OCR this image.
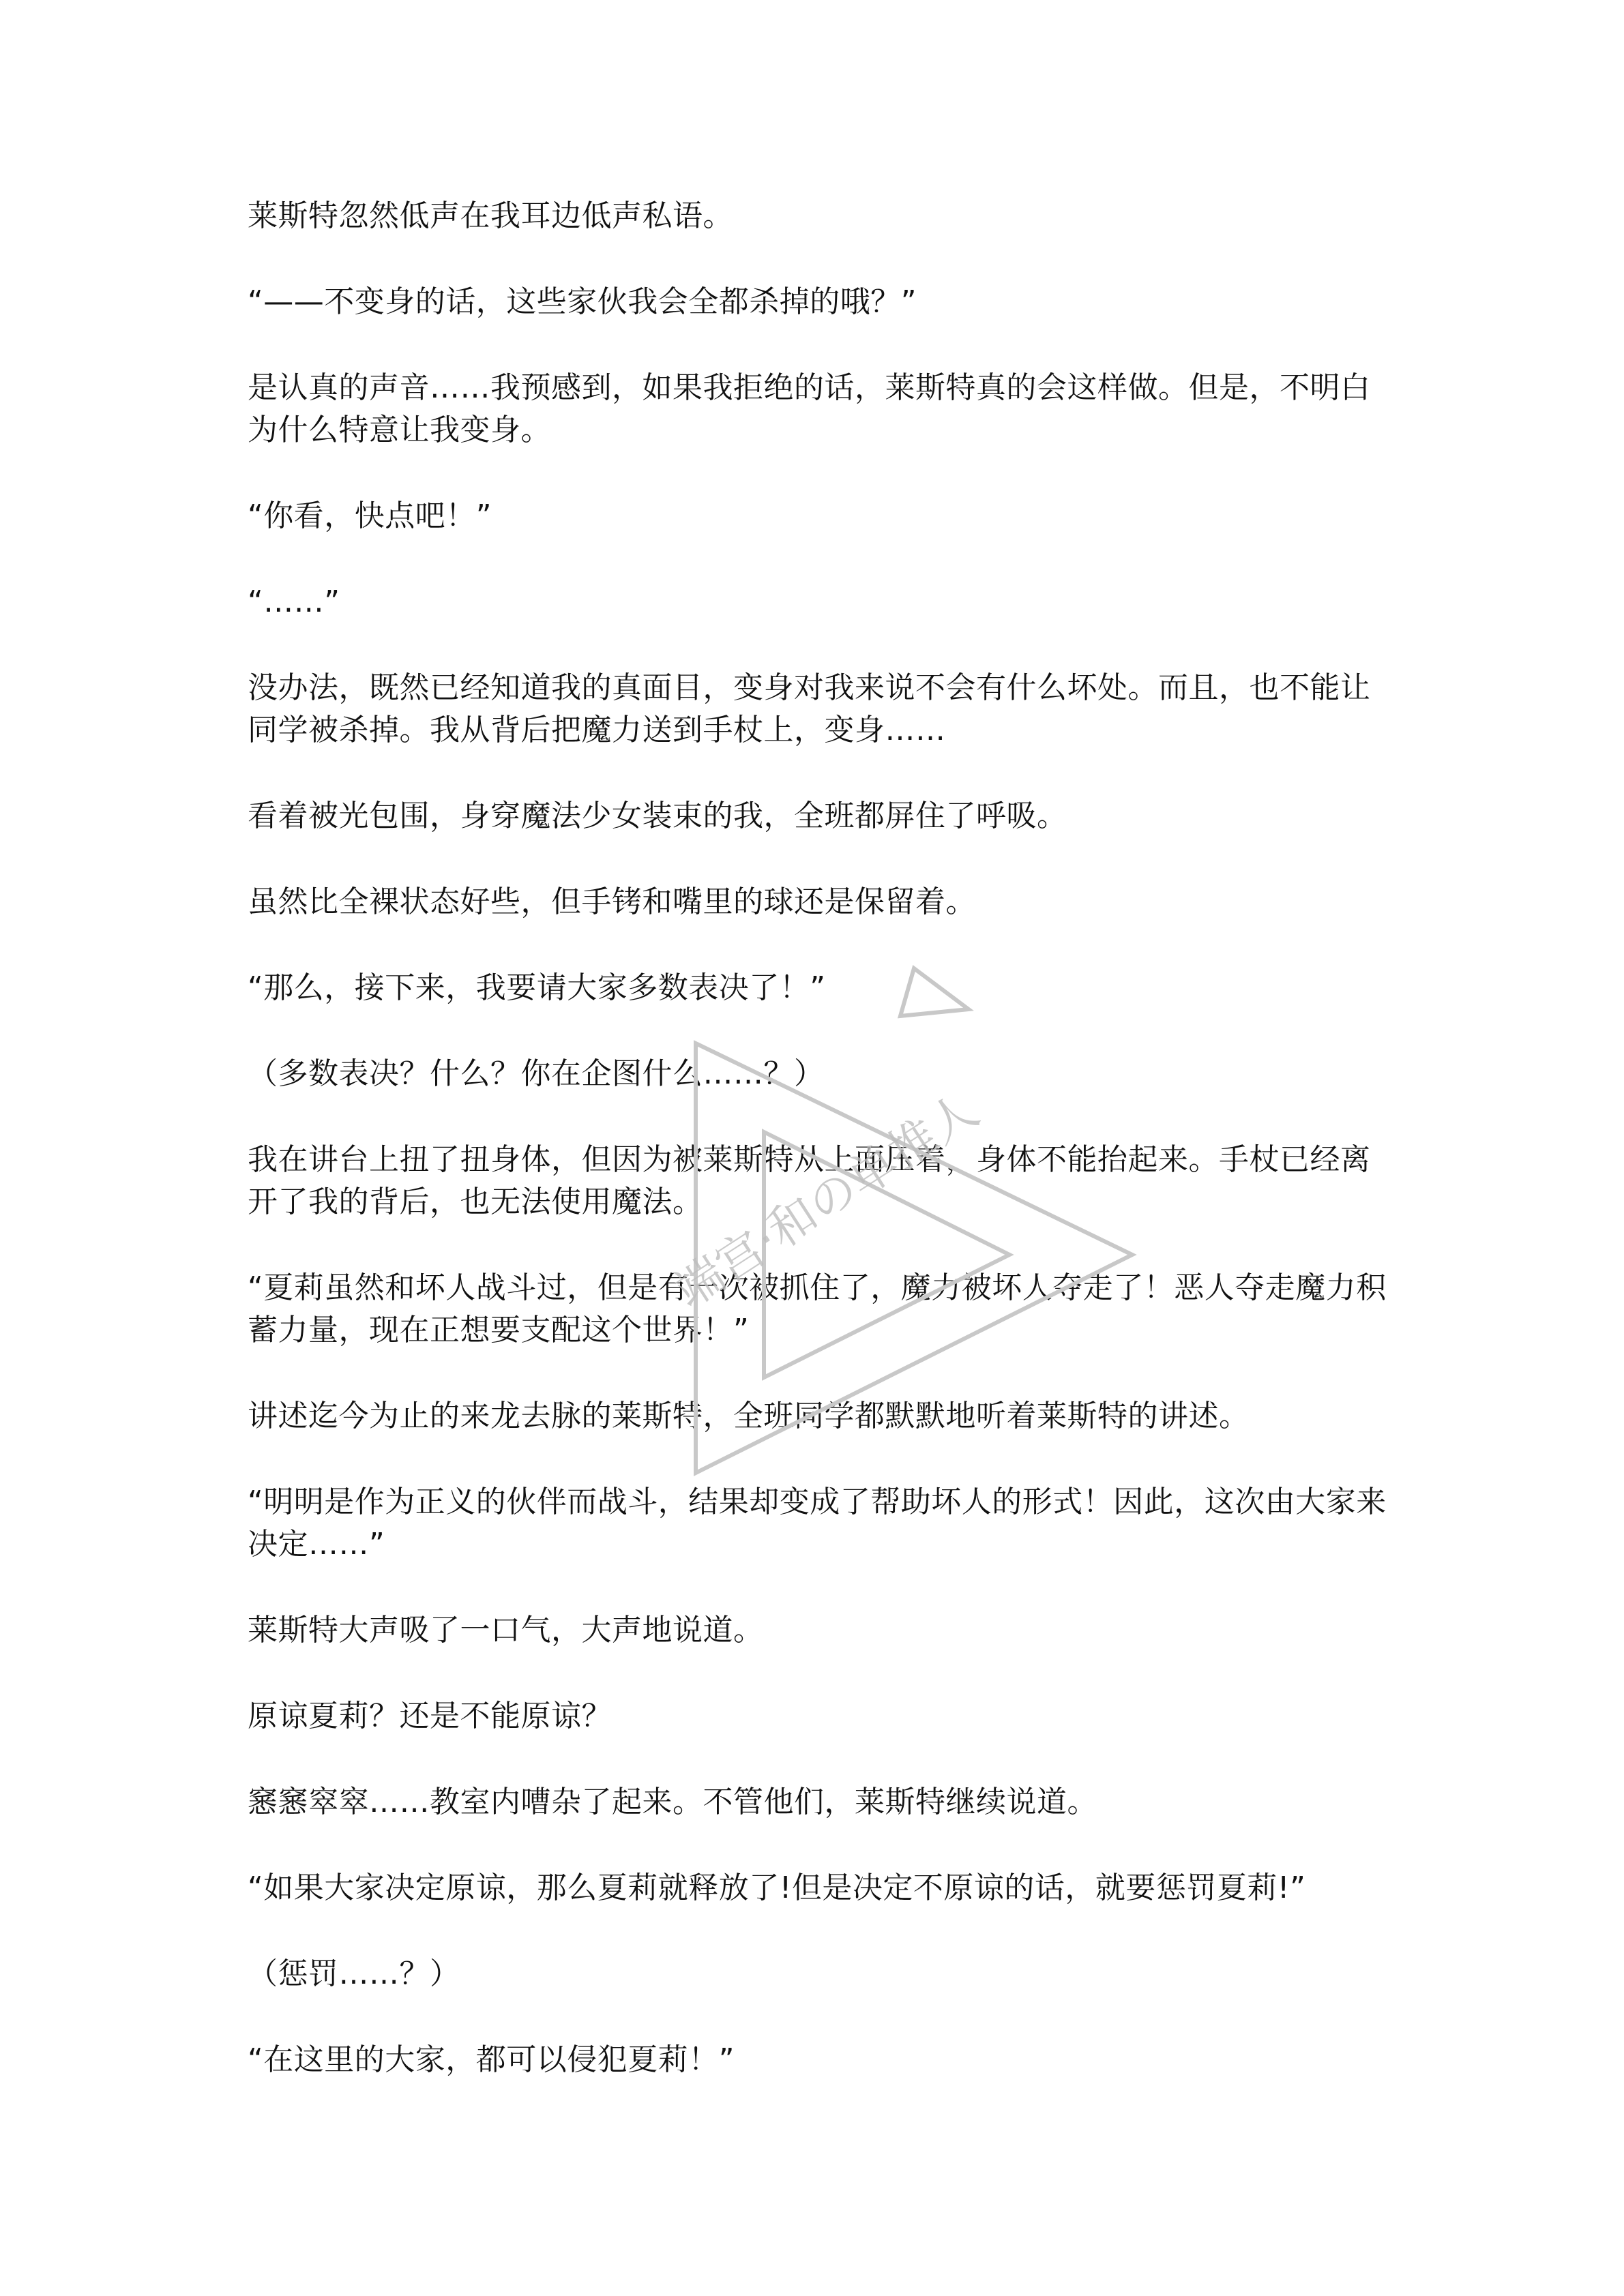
莱斯特忽然低声在我耳边低声私语。

“——不变身的话，这些家伙我会全都杀掉的哦？”

是认真的声音……我预感到，如果我拒绝的话，莱斯特真的会这样做。但是，不明白为什么特意让我变身。

“你看，快点吧！”

“……”

没办法，既然已经知道我的真面目，变身对我来说不会有什么坏处。而且，也不能让同学被杀掉。我从背后把魔力送到手杖上，变身……

看着被光包围，身穿魔法少女装束的我，全班都屏住了呼吸。

虽然比全裸状态好些，但手铐和嘴里的球还是保留着。

“那么，接下来，我要请大家多数表决了！”

（多数表决？什么？你在企图什么……？）

我在讲台上扭了扭身体，但因为被莱斯特从上面压着，身体不能抬起来。手杖已经离开了我的背后，也无法使用魔法。

“夏莉虽然和坏人战斗过，但是有一次被抓住了，魔力被坏人夺走了！恶人夺走魔力积蓄力量，现在正想要支配这个世界！”

讲述迄今为止的来龙去脉的莱斯特，全班同学都默默地听着莱斯特的讲述。

“明明是作为正义的伙伴而战斗，结果却变成了帮助坏人的形式！因此，这次由大家来决定……”

莱斯特大声吸了一口气，大声地说道。

原谅夏莉？还是不能原谅？

窸窸窣窣……教室内嘈杂了起来。不管他们，莱斯特继续说道。

“如果大家决定原谅，那么夏莉就释放了!但是决定不原谅的话，就要惩罚夏莉!”

（惩罚……？）

“在这里的大家，都可以侵犯夏莉！”

端宫·和の单推人
